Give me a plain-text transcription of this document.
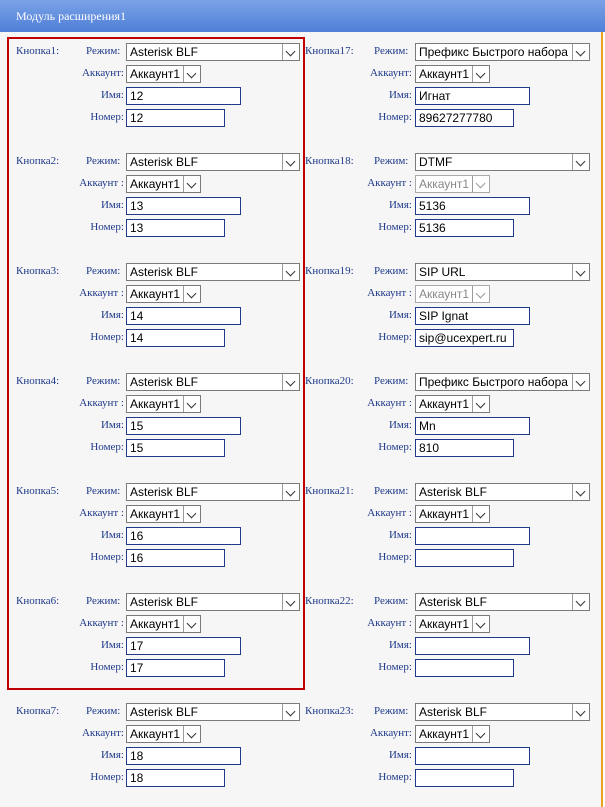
Модуль расширения1
Кнопка1: Режим: Asterisk BLF
Аккаунт: Аккаунт1
Имя: 12
Номер: 12
Кнопка2: Режим: Asterisk BLF
Аккаунт : Аккаунт1
Имя: 13
Номер: 13
Кнопка3: Режим: Asterisk BLF
Аккаунт : Аккаунт1
Имя: 14
Номер: 14
Кнопка4: Режим: Asterisk BLF
Аккаунт : Аккаунт1
Имя: 15
Номер: 15
Кнопка5: Режим: Asterisk BLF
Аккаунт : Аккаунт1
Имя: 16
Номер: 16
Кнопка6: Режим: Asterisk BLF
Аккаунт : Аккаунт1
Имя: 17
Номер: 17
Кнопка7: Режим: Asterisk BLF
Аккаунт: Аккаунт1
Имя: 18
Номер: 18
Кнопка17: Режим: Префикс Быстрого набора
Аккаунт: Аккаунт1
Имя: Игнат
Номер: 89627277780
Кнопка18: Режим: DTMF
Аккаунт : Аккаунт1
Имя: 5136
Номер: 5136
Кнопка19: Режим: SIP URL
Аккаунт : Аккаунт1
Имя: SIP Ignat
Номер: sip@ucexpert.ru
Кнопка20: Режим: Префикс Быстрого набора
Аккаунт : Аккаунт1
Имя: Mn
Номер: 810
Кнопка21: Режим: Asterisk BLF
Аккаунт : Аккаунт1
Имя:
Номер:
Кнопка22: Режим: Asterisk BLF
Аккаунт : Аккаунт1
Имя:
Номер:
Кнопка23: Режим: Asterisk BLF
Аккаунт: Аккаунт1
Имя:
Номер:
